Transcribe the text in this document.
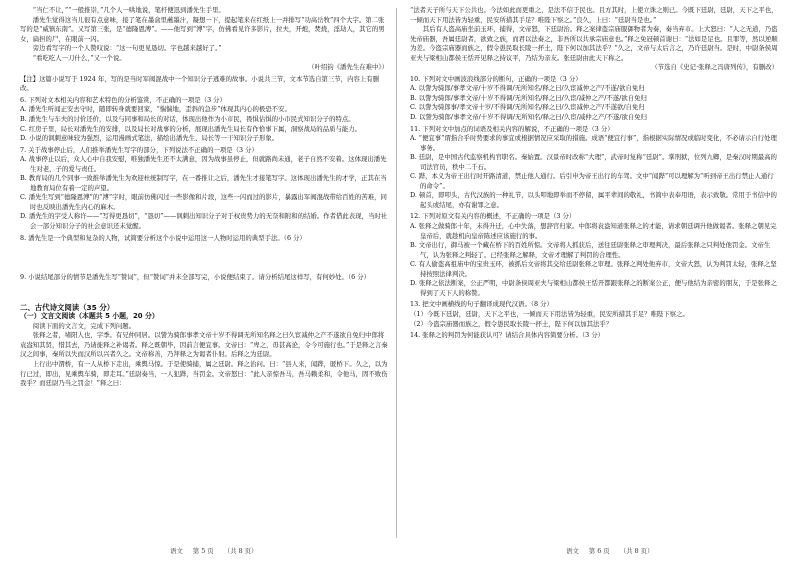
“当仁不让，”“一般推崇，”几个人一哄地说，笔杆便迅到潘先生手里。

潘先生觉得这当儿很有点意味，接了笔在墨盒里蘸墨汁，凝想一下，提起笔来在红纸上一并排写“功高岳牧”四个大字。第二张写的是“威镇东南”。又写第三张，是“德隆恩溥”。——他写到“溥”字，仿佛看见许多影片，拉夫，开炮，焚烧，淫劫人，其它的男女，扁担的尸，在眼前一闪。

旁边看写字的一个人赞叹说：“这一句更见恳切。字也越来越好了。”

“看吃吃人一刀什么，”又一个说。

（叶绍钧《潘先生在难中》）

【注】这篇小说写于 1924 年，写的是当时军阀混战中一个知识分子逃难的故事。小说共三节，文本节选自第三节，内容上有删改。

6. 下列对文本相关内容和艺术特色的分析鉴赏，不正确的一项是（3 分）

A. 潘先生听闻正安去守时，随即转身就要回家，“惴惴地，歪斜的急步”体现其内心的极恐不安。

B. 潘先生与车夫的讨价还价，以及与同事和局长的对话，体现出他作为小市民，畏惧估惧的小市民式知识分子的特点。

C. 红房子里，局长对潘先生的安排，以及局长对战事的分析，展现出潘先生局长有作恰事下属，洞察战局的品质与能力。

D. 小说的讽刺意味较为强烈，运用漫画式笔法，描绘出潘先生、局长等一干知识分子形象。

7. 关于战事停止后，人们推举潘先生写字的部分，下列说法不正确的一项是（3 分）

A. 战事停止以后，众人心中自我安慰，唯独潘先生还不太满意，因为战事虽停止，但就路尚未通，老子自然不安着。这体现出潘先生对老，子的爱与责任。

B. 教育局的几个同事一致推举潘先生为欢迎杜统制写字，在一番推让之后，潘先生才接笔写字。这体现出潘先生的才学，正其在当地教育局位有着一定的声望。

C. 潘先生写到“德隆恩溥”的“溥”字时，眼前仿佛闪过一些影像和片段，这些一闪而过的影片，暴露出军阀混战带给百姓的苦难，同时也反映出潘先生内心的麻木。

D. 潘先生的字受人称许——“写得更恳切”，“恳切”——讽刺出知识分子对于权贵势力的无奈和附和的结婚。作者借此表现，当时社会一部分知识分子的社会意识还未觉醒。

8. 潘先生是一个典型和复杂的人物，试简要分析这个小说中运用这一人物时运用的典型手法。（6 分）

9. 小说结尾部分的情节是潘先生写“赞词”，但“赞词”并未全部写完，小说便结束了。请分析结尾这样写，有何妙处。（6 分）

二、古代诗文阅读（35 分）

（一）文言文阅读（本题共 5 小题，20 分）

阅读下面的文言文，完成下列问题。

张释之者，堵阳人也，字季。有兄仲同居。以訾为骑郎事孝文帝十岁不得调无所知名释之曰久宦减仲之产不遂欲自免归中郎将袁盎知其贤，惜其去，乃请徙释之补谒者。释之既朝毕，因前言便宜事。文帝曰：“卑之，毋甚高论，令今可施行也。”于是释之言秦汉之间事，秦所以失而汉所以兴者久之。文帝称善，乃拜释之为谒者仆射。后释之为廷尉。

上行出中渭桥，有一人从桥下走出，乘舆马惊。于是使骑捕，属之廷尉。释之治问。曰：“县人来，闻跸，匿桥下。久之，以为行已过，即出，见乘舆车骑，即走耳。”廷尉奏当，一人犯跸，当罚金。文帝怒曰：“此人亲惊吾马，吾马赖柔和，令他马，固不败伤我乎？而廷尉乃当之罚金！”释之曰：

“法者天子所与天下公共也。今法如此而更重之，是法不信于民也。且方其时，上使立诛之则已。今既下廷尉，廷尉，天下之平也，一倾而天下用法皆为轻重，民安所措其手足？唯陛下察之。”良久，上曰：“廷尉当是也。”

其后有人盗高庙坐前玉环，捕得，文帝怒，下廷尉治。释之案律盗宗庙服御物者为奏，奏当弃市。上大怒曰：“人之无道，乃盗先帝庙器，吾属廷尉者，欲致之族，而君以法奏之，非吾所以共承宗庙意也。”释之免冠顿首谢曰：“法如是足也。且罪等，然以逆顺为差。今盗宗庙器而族之，假令愚民取长陵一抔土，陛下何以加其法乎？”久之，文帝与太后言之，乃许廷尉当。是时，中尉条侯周亚夫与梁相山都侯王恬开见释之持议平，乃结为亲友。张廷尉由此天下称之。

（节选自《史记·张释之冯唐列传》，有删改）

10. 下列对文中画波浪线部分的断句，正确的一项是（3 分）

A. 以訾为骑郎/事孝文帝/十岁不得调/无所知名/释之曰/久宦减仲之产/不遂/欲自免归

B. 以訾为骑郎/事孝文帝/十岁不得调/无所知名/释之曰/久宦/减仲之产/不遂/欲自免归

C. 以訾为骑郎事/孝文帝十岁/不得调/无所知名/释之曰/久宦减仲之产/不遂欲/自免归

D. 以訾为骑郎/事孝文帝/十岁不得调/无所知名/释之曰/久宦/减仲之产/不遂/欲自免归

11. 下列对文中加点的词语及相关内容的解说，不正确的一项是（3 分）

A. “便宜事”谓指合乎时势要求的事宜或根据情况应采取的措施。成语“便宜行事”，指根据实际情况或临时变化，不必请示自行处理事务。

B. 廷尉，是中国古代监察机构官职名。秦始置。汉景帝时改称“大理”，武帝时复称“廷尉”。掌刑狱，位列九卿，是秦汉时期最高的司法官员，秩中二千石。

C. 跸，本义为帝王出行时开路清道，禁止他人通行。后引申为帝王出行的车驾。文中“闻跸”可以理解为“听到帝王出行禁止人通行的命令”。

D. 顿首，即叩头，古代汉族的一种礼节，以头叩地即举而不停留，属平辈间的敬礼，书简中表奉用语，表示致敬。常用于书信中的起头或结尾，亦有谢罪之意。

12. 下列对原文有关内容的概述，不正确的一项是（3 分）

A. 张释之做骑郎十年，未得升迁，心中失落，想辞官归家。中郎将袁盎知道张释之的才能，请求朝廷调升他做谒者。张释之朝见完皇帝后，就趁机向皇帝陈述应该施行的事。

B. 文帝出行，御马被一个藏在桥下的百姓所惊。文帝将人抓获后，送往廷尉张释之审理判决，最后张释之只判处他罚金。文帝生气，认为张释之判轻了。已经张释之解释，文帝才理解了判罚的合理性。

C. 有人偷盗高祖庙中的宝贵玉环，被抓后文帝将其交给廷尉张释之审理。张释之判处他弃市，文帝大怒，认为判罚太轻，张释之坚持按照法律判决。

D. 张释之依法断案，公正严明，中尉条侯周亚夫与梁相山都侯王恬开都跟张释之的断案公正，便与他结为亲密的朋友，于是张释之得到了天下人的称赞。

13. 把文中画横线的句子翻译成现代汉语。（8 分）

（1）今既下廷尉，廷尉，天下之平也，一倾而天下用法皆为轻重，民安所措其手足？唯陛下察之。

（2）今盗宗庙器而族之，假令愚民取长陵一抔土，陛下何以加其法乎？

14. 张释之的判罚为何能获认可？请结合具体内容简要分析。（3 分）

语文 第 5 页 （共 8 页）	语文 第 6 页 （共 8 页）
